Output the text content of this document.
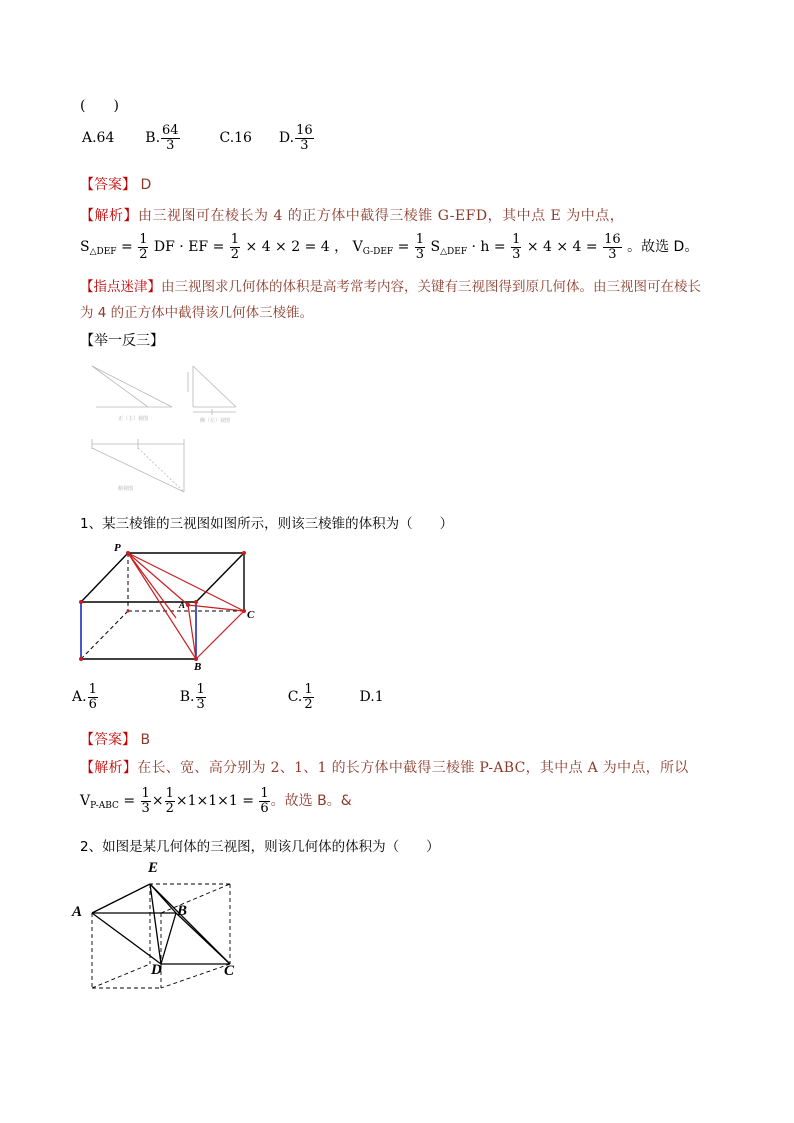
(　　)
A.64 B. $\frac{64}{3}$	C.16 D. $\frac{16}{3}$
【答案】 D
【解析】由三视图可在棱长为 4 的正方体中截得三棱锥 G-EFD，其中点 E 为中点，
$S_{\triangle DEF} = \frac{1}{2}$ DF · EF = $\frac{1}{2} \times 4 \times 2 = 4$ ， $V_{G-DEF} = \frac{1}{3} S_{\triangle DEF} \cdot h = \frac{1}{3} \times 4 \times 4 = \frac{16}{3}$ 。故选 D。
【指点迷津】由三视图求几何体的体积是高考常考内容，关键有三视图得到原几何体。由三视图可在棱长
为 4 的正方体中截得该几何体三棱锥。
【举一反三】
正（主）视图	侧（左）视图
俯视图
1、某三棱锥的三视图如图所示，则该三棱锥的体积为（　　）
P
A
B
C
A. $\frac{1}{6}$	B. $\frac{1}{3}$	C. $\frac{1}{2}$	D.1
【答案】 B
【解析】在长、宽、高分别为 2、1、1 的长方体中截得三棱锥 P-ABC，其中点 A 为中点，所以
$V_{P-ABC} = \frac{1}{3} \times \frac{1}{2} \times 1\times 1\times 1 = \frac{1}{6}$ 。故选 B。&
2、如图是某几何体的三视图，则该几何体的体积为（　　）
E
A	B
D	C
